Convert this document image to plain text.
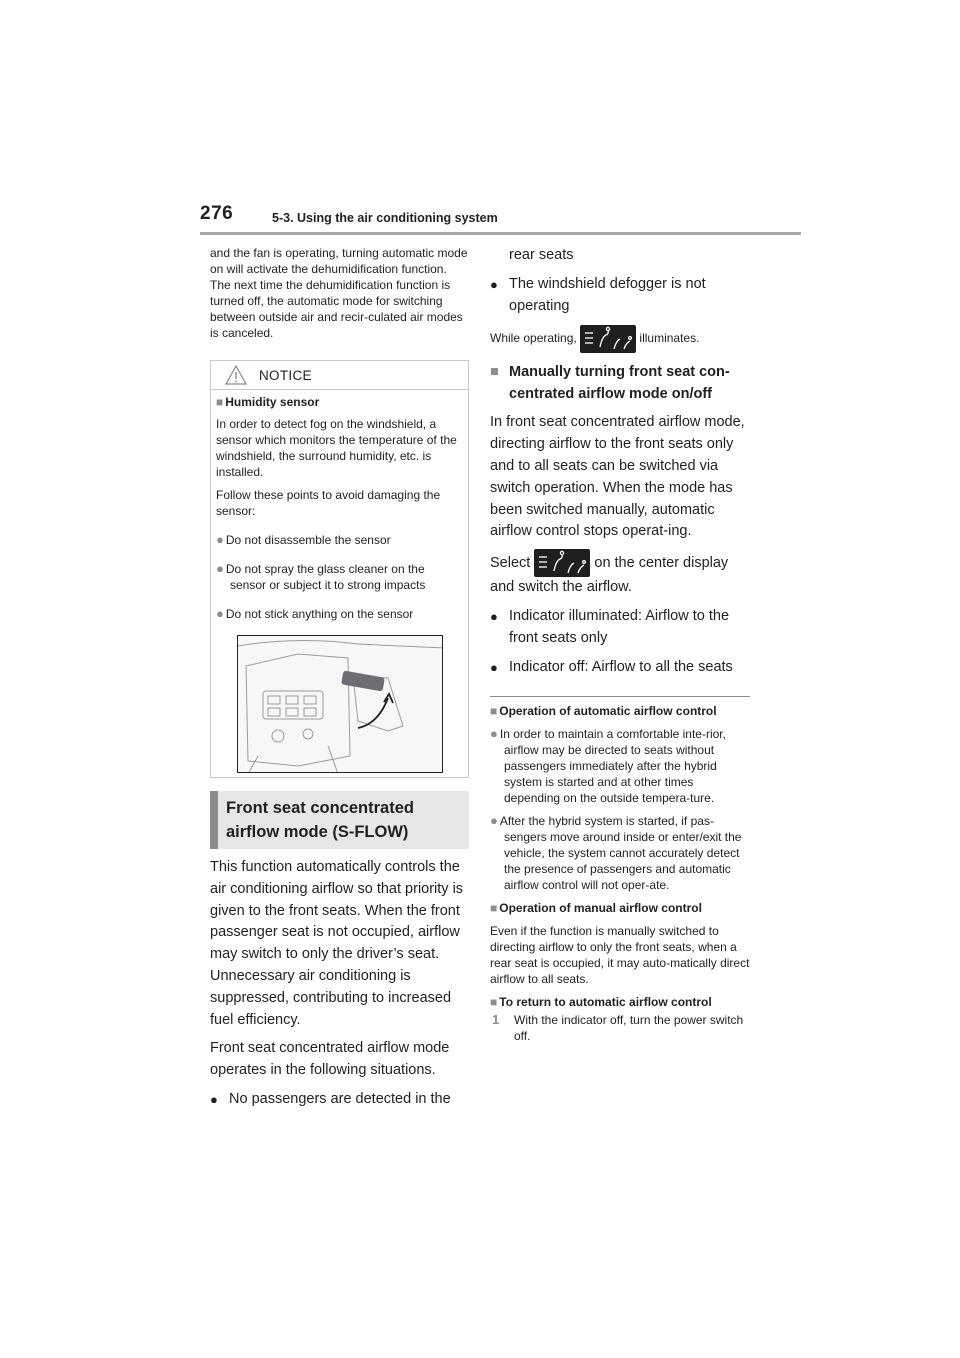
276	5-3. Using the air conditioning system

and the fan is operating, turning automatic mode on will activate the dehumidification function. The next time the dehumidification function is turned off, the automatic mode for switching between outside air and recir-culated air modes is canceled.

NOTICE
■ Humidity sensor

In order to detect fog on the windshield, a sensor which monitors the temperature of the windshield, the surround humidity, etc. is installed.

Follow these points to avoid damaging the sensor:

● Do not disassemble the sensor
● Do not spray the glass cleaner on the sensor or subject it to strong impacts
● Do not stick anything on the sensor
Front seat concentrated airflow mode (S-FLOW)

This function automatically controls the air conditioning airflow so that priority is given to the front seats. When the front passenger seat is not occupied, airflow may switch to only the driver’s seat. Unnecessary air conditioning is suppressed, contributing to increased fuel efficiency.

Front seat concentrated airflow mode operates in the following situations.

● No passengers are detected in the

rear seats

● The windshield defogger is not operating
While operating,	illuminates.
■ Manually turning front seat con-centrated airflow mode on/off

In front seat concentrated airflow mode, directing airflow to the front seats only and to all seats can be switched via switch operation. When the mode has been switched manually, automatic airflow control stops operat-ing.

Select	on the center display

and switch the airflow.

● Indicator illuminated: Airflow to the front seats only
● Indicator off: Airflow to all the seats
■ Operation of automatic airflow control
● In order to maintain a comfortable inte-rior, airflow may be directed to seats without passengers immediately after the hybrid system is started and at other times depending on the outside tempera-ture.
● After the hybrid system is started, if pas-sengers move around inside or enter/exit the vehicle, the system cannot accurately detect the presence of passengers and automatic airflow control will not oper-ate.
■ Operation of manual airflow control

Even if the function is manually switched to directing airflow to only the front seats, when a rear seat is occupied, it may auto-matically direct airflow to all seats.

■ To return to automatic airflow control
1 With the indicator off, turn the power switch off.
